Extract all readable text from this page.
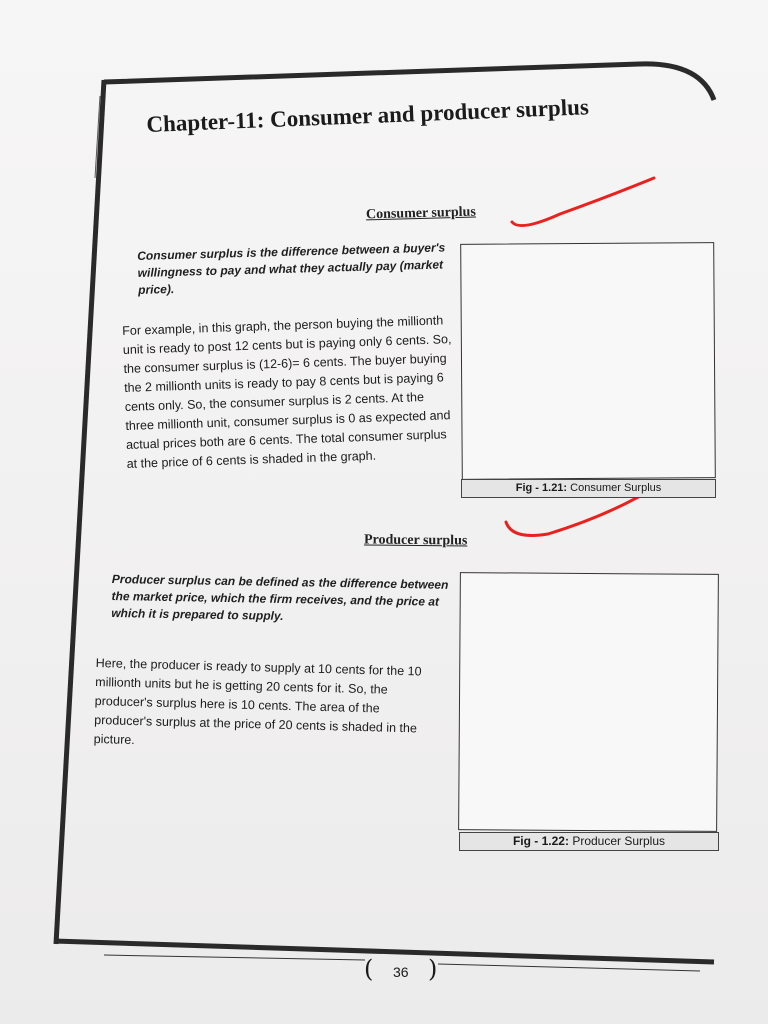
Chapter-11: Consumer and producer surplus
Consumer surplus
Consumer surplus is the difference between a buyer's willingness to pay and what they actually pay (market price).
For example, in this graph, the person buying the millionth unit is ready to post 12 cents but is paying only 6 cents. So, the consumer surplus is (12-6)= 6 cents. The buyer buying the 2 millionth units is ready to pay 8 cents but is paying 6 cents only. So, the consumer surplus is 2 cents. At the three millionth unit, consumer surplus is 0 as expected and actual prices both are 6 cents. The total consumer surplus at the price of 6 cents is shaded in the graph.
Fig - 1.21: Consumer Surplus
Producer surplus
Producer surplus can be defined as the difference between the market price, which the firm receives, and the price at which it is prepared to supply.
Here, the producer is ready to supply at 10 cents for the 10 millionth units but he is getting 20 cents for it. So, the producer's surplus here is 10 cents. The area of the producer's surplus at the price of 20 cents is shaded in the picture.
Fig - 1.22: Producer Surplus
( 36 )
